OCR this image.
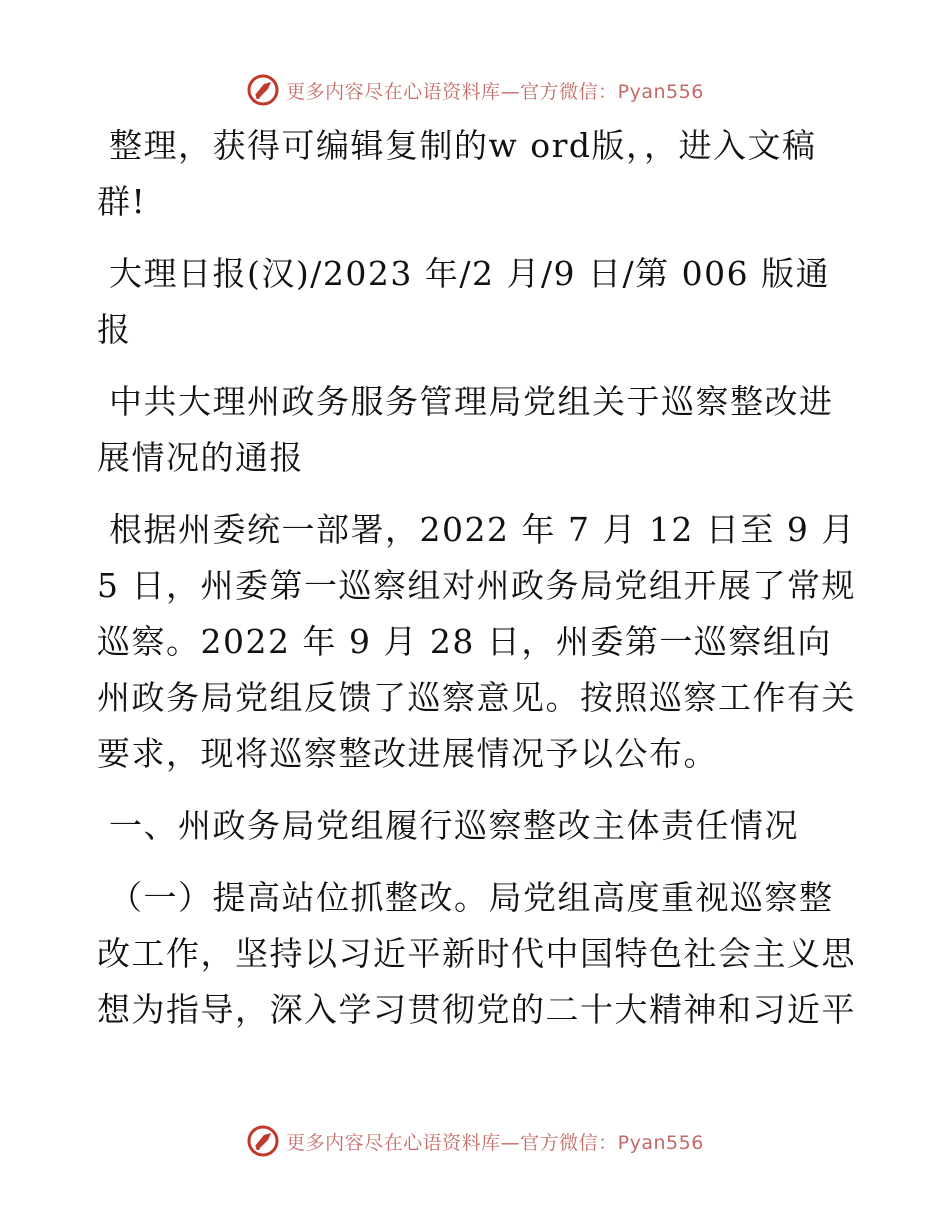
更多内容尽在心语资料库—官方微信：Pyan556

整理，获得可编辑复制的w ord版，，进入文稿群!

大理日报(汉)/2023 年/2 月/9 日/第 006 版通报

中共大理州政务服务管理局党组关于巡察整改进展情况的通报

根据州委统一部署，2022 年 7 月 12 日至 9 月 5 日，州委第一巡察组对州政务局党组开展了常规巡察。2022 年 9 月 28 日，州委第一巡察组向州政务局党组反馈了巡察意见。按照巡察工作有关要求，现将巡察整改进展情况予以公布。

一、州政务局党组履行巡察整改主体责任情况

（一）提高站位抓整改。局党组高度重视巡察整改工作，坚持以习近平新时代中国特色社会主义思想为指导，深入学习贯彻党的二十大精神和习近平

更多内容尽在心语资料库—官方微信：Pyan556
